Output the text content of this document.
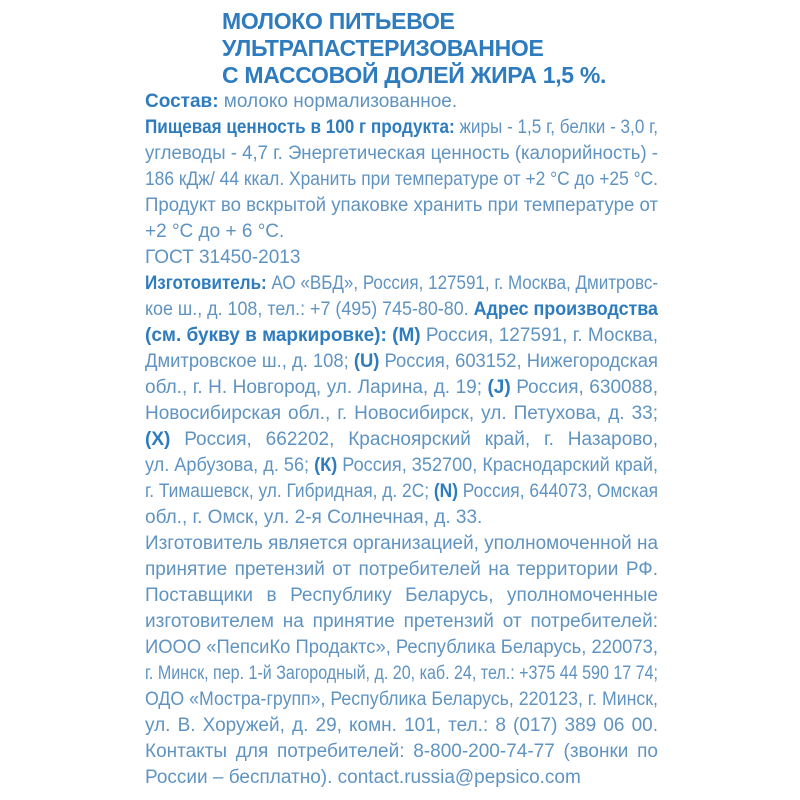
МОЛОКО ПИТЬЕВОЕ
УЛЬТРАПАСТЕРИЗОВАННОЕ
С МАССОВОЙ ДОЛЕЙ ЖИРА 1,5 %.
Состав: молоко нормализованное.
Пищевая ценность в 100 г продукта: жиры - 1,5 г, белки - 3,0 г,
углеводы - 4,7 г. Энергетическая ценность (калорийность) -
186 кДж/ 44 ккал. Хранить при температуре от +2 °С до +25 °С.
Продукт во вскрытой упаковке хранить при температуре от
+2 °С до + 6 °С.
ГОСТ 31450-2013
Изготовитель: АО «ВБД», Россия, 127591, г. Москва, Дмитровс-
кое ш., д. 108, тел.: +7 (495) 745-80-80. Адрес производства
(см. букву в маркировке): (М) Россия, 127591, г. Москва,
Дмитровское ш., д. 108; (U) Россия, 603152, Нижегородская
обл., г. Н. Новгород, ул. Ларина, д. 19; (J) Россия, 630088,
Новосибирская обл., г. Новосибирск, ул. Петухова, д. 33;
(Х) Россия, 662202, Красноярский край, г. Назарово,
ул. Арбузова, д. 56; (К) Россия, 352700, Краснодарский край,
г. Тимашевск, ул. Гибридная, д. 2С; (N) Россия, 644073, Омская
обл., г. Омск, ул. 2-я Солнечная, д. 33.
Изготовитель является организацией, уполномоченной на
принятие претензий от потребителей на территории РФ.
Поставщики в Республику Беларусь, уполномоченные
изготовителем на принятие претензий от потребителей:
ИООО «ПепсиКо Продактс», Республика Беларусь, 220073,
г. Минск, пер. 1-й Загородный, д. 20, каб. 24, тел.: +375 44 590 17 74;
ОДО «Мостра-групп», Республика Беларусь, 220123, г. Минск,
ул. В. Хоружей, д. 29, комн. 101, тел.: 8 (017) 389 06 00.
Контакты для потребителей: 8-800-200-74-77 (звонки по
России – бесплатно). contact.russia@pepsico.com
